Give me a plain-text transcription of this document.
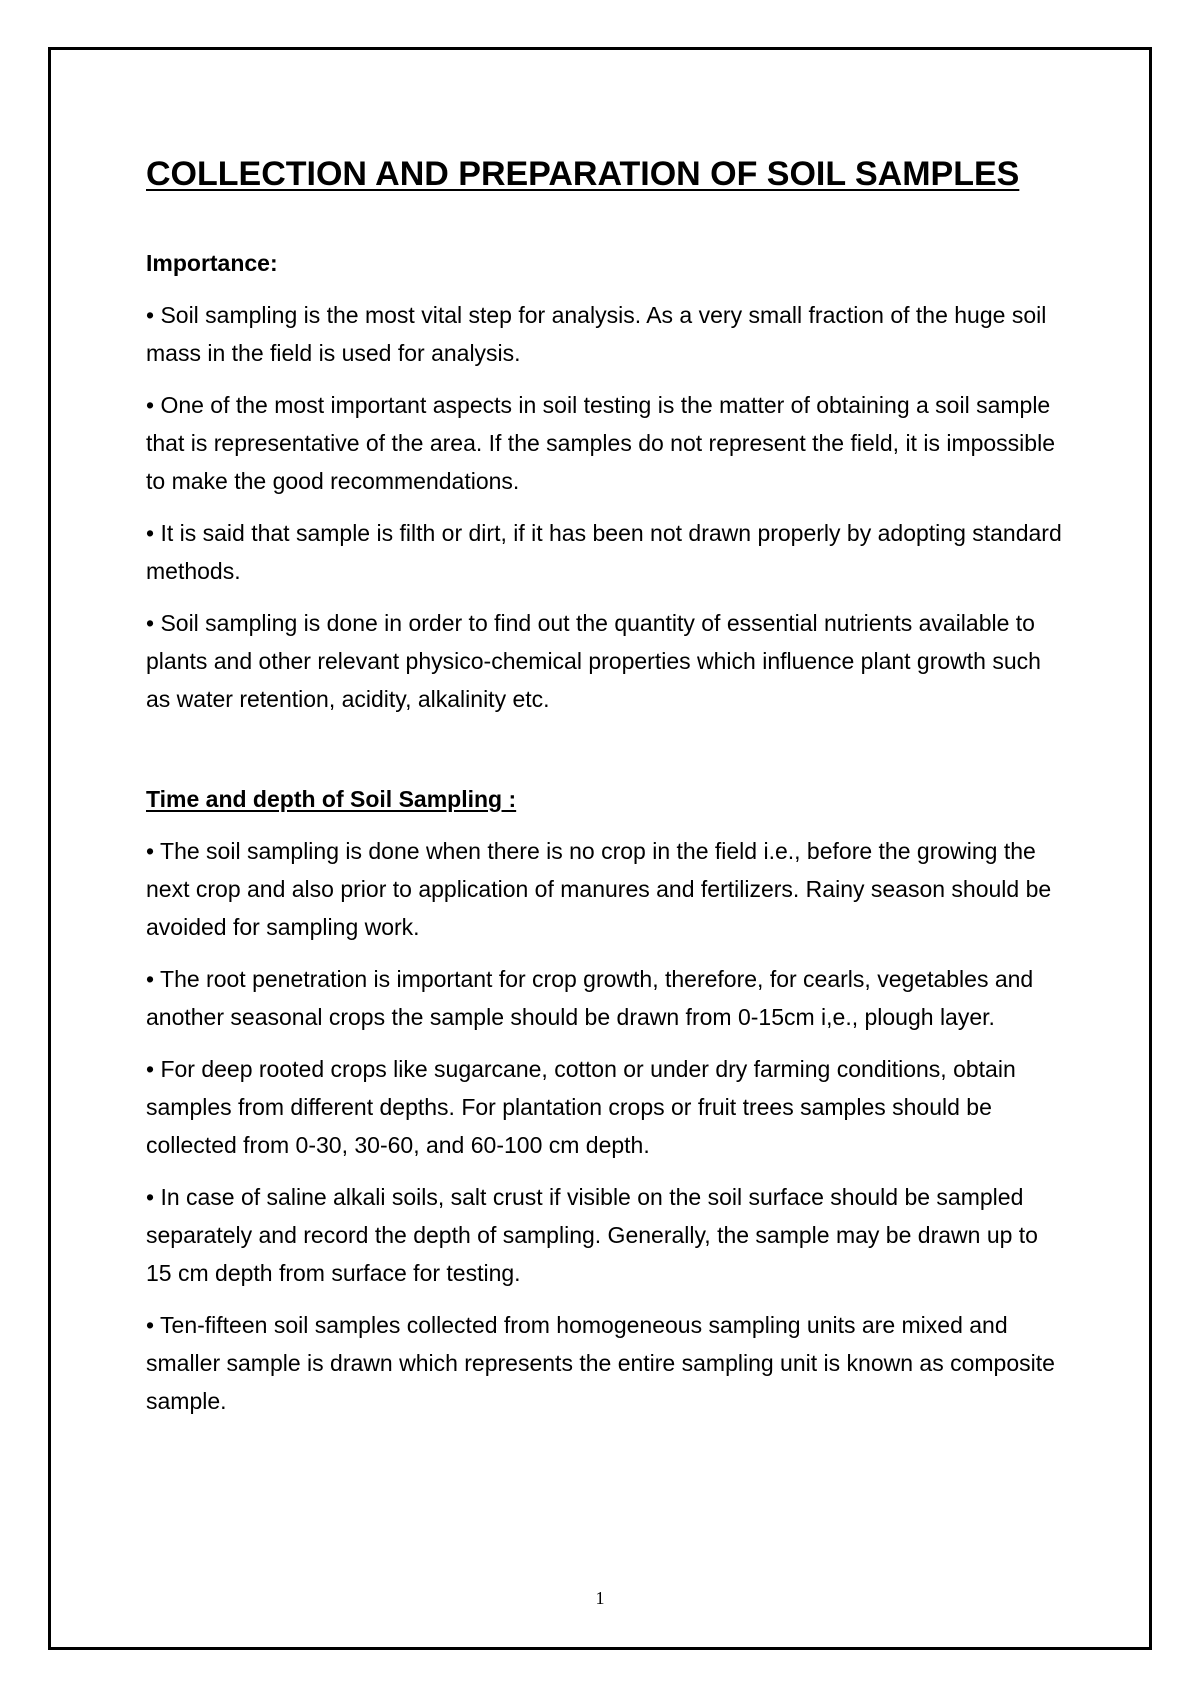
COLLECTION AND PREPARATION OF SOIL SAMPLES
Importance:

• Soil sampling is the most vital step for analysis. As a very small fraction of the huge soil mass in the field is used for analysis.

• One of the most important aspects in soil testing is the matter of obtaining a soil sample that is representative of the area. If the samples do not represent the field, it is impossible to make the good recommendations.

• It is said that sample is filth or dirt, if it has been not drawn properly by adopting standard methods.

• Soil sampling is done in order to find out the quantity of essential nutrients available to plants and other relevant physico-chemical properties which influence plant growth such as water retention, acidity, alkalinity etc.

Time and depth of Soil Sampling :

• The soil sampling is done when there is no crop in the field i.e., before the growing the next crop and also prior to application of manures and fertilizers. Rainy season should be avoided for sampling work.

• The root penetration is important for crop growth, therefore, for cearls, vegetables and another seasonal crops the sample should be drawn from 0-15cm i,e., plough layer.

• For deep rooted crops like sugarcane, cotton or under dry farming conditions, obtain samples from different depths. For plantation crops or fruit trees samples should be collected from 0-30, 30-60, and 60-100 cm depth.

• In case of saline alkali soils, salt crust if visible on the soil surface should be sampled separately and record the depth of sampling. Generally, the sample may be drawn up to 15 cm depth from surface for testing.

• Ten-fifteen soil samples collected from homogeneous sampling units are mixed and smaller sample is drawn which represents the entire sampling unit is known as composite sample.

1
